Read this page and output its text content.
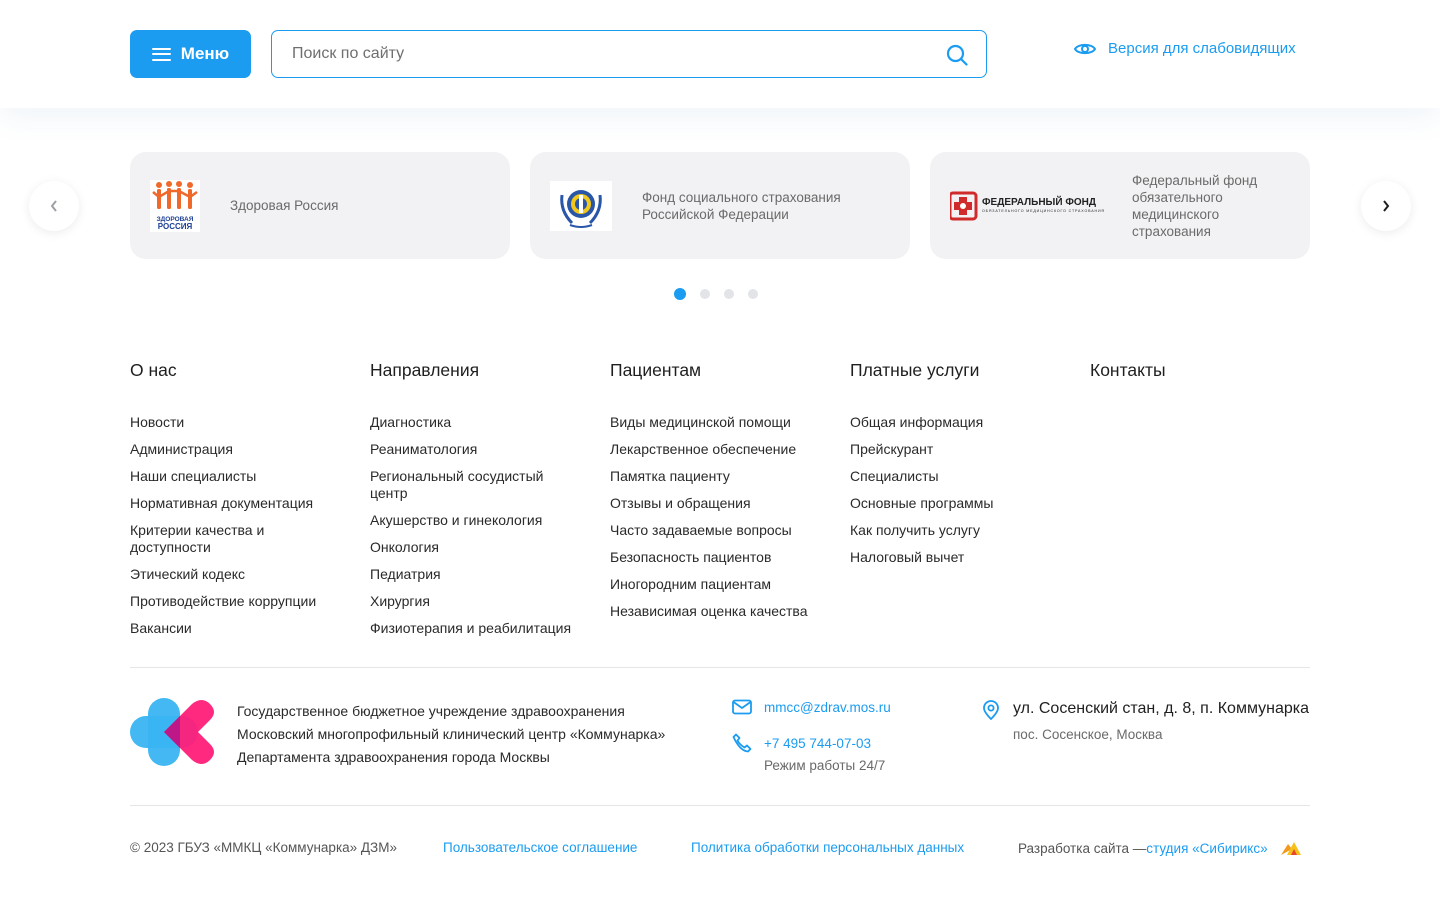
Меню
Поиск по сайту	Версия для слабовидящих
ЗДОРОВАЯ
РОССИЯ
Здоровая Россия
Фонд социального страхования Российской Федерации
ФЕДЕРАЛЬНЫЙ ФОНД
ОБЯЗАТЕЛЬНОГО МЕДИЦИНСКОГО СТРАХОВАНИЯ
Федеральный фонд обязательного медицинского страхования
О нас
Новости
Администрация
Наши специалисты
Нормативная документация
Критерии качества и доступности
Этический кодекс
Противодействие коррупции
Вакансии
Направления
Диагностика
Реаниматология
Региональный сосудистый центр
Акушерство и гинекология
Онкология
Педиатрия
Хирургия
Физиотерапия и реабилитация
Пациентам
Виды медицинской помощи
Лекарственное обеспечение
Памятка пациенту
Отзывы и обращения
Часто задаваемые вопросы
Безопасность пациентов
Иногородним пациентам
Независимая оценка качества
Платные услуги
Общая информация
Прейскурант
Специалисты
Основные программы
Как получить услугу
Налоговый вычет
Контакты
Государственное бюджетное учреждение здравоохранения
Московский многопрофильный клинический центр «Коммунарка»
Департамента здравоохранения города Москвы
mmcc@zdrav.mos.ru
+7 495 744-07-03
Режим работы 24/7
ул. Сосенский стан, д. 8, п. Коммунарка
пос. Сосенское, Москва
© 2023 ГБУЗ «ММКЦ «Коммунарка» ДЗМ»	Пользовательское соглашение	Политика обработки персональных данных	Разработка сайта — студия «Сибирикс»
